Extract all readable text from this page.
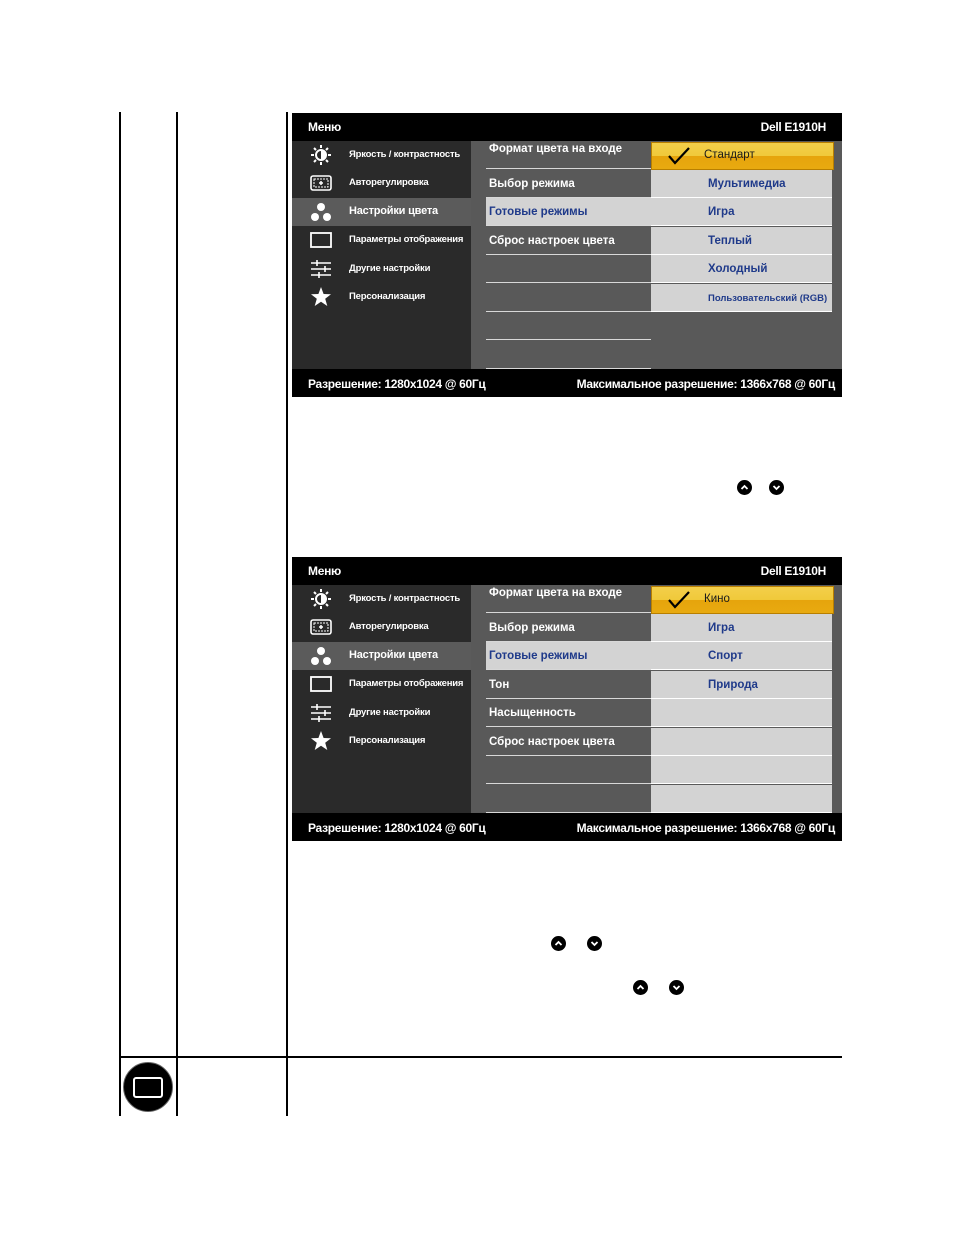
Меню	Dell E1910H
Яркость / контрастность
Авторегулировка
Настройки цвета
Параметры отображения
Другие настройки
Персонализация
Формат цвета на входе
Выбор режима
Готовые режимы
Сброс настроек цвета
Стандарт
Мультимедиа
Игра
Теплый
Холодный
Пользовательский (RGB)
Разрешение: 1280x1024 @ 60Гц	Максимальное разрешение: 1366x768 @ 60Гц
Меню	Dell E1910H
Яркость / контрастность
Авторегулировка
Настройки цвета
Параметры отображения
Другие настройки
Персонализация
Формат цвета на входе
Выбор режима
Готовые режимы
Тон
Насыщенность
Сброс настроек цвета
Кино
Игра
Спорт
Природа
Разрешение: 1280x1024 @ 60Гц	Максимальное разрешение: 1366x768 @ 60Гц
